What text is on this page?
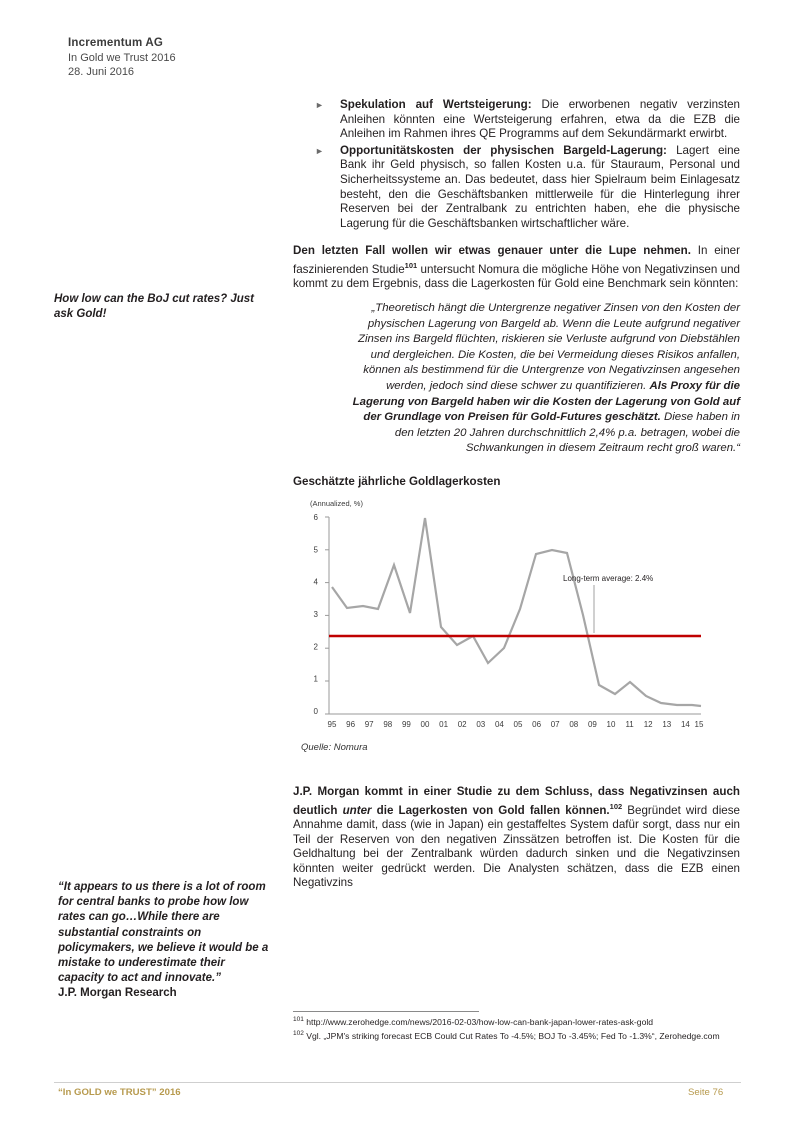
Incrementum AG
In Gold we Trust 2016
28. Juni 2016
How low can the BoJ cut rates? Just ask Gold!
“It appears to us there is a lot of room for central banks to probe how low rates can go…While there are substantial constraints on policymakers, we believe it would be a mistake to underestimate their capacity to act and innovate.”
J.P. Morgan Research
► Spekulation auf Wertsteigerung: Die erworbenen negativ verzinsten Anleihen könnten eine Wertsteigerung erfahren, etwa da die EZB die Anleihen im Rahmen ihres QE Programms auf dem Sekundärmarkt erwirbt.
► Opportunitätskosten der physischen Bargeld-Lagerung: Lagert eine Bank ihr Geld physisch, so fallen Kosten u.a. für Stauraum, Personal und Sicherheitssysteme an. Das bedeutet, dass hier Spielraum beim Einlagesatz besteht, den die Geschäftsbanken mittlerweile für die Hinterlegung ihrer Reserven bei der Zentralbank zu entrichten haben, ehe die physische Lagerung für die Geschäftsbanken wirtschaftlicher wäre.
Den letzten Fall wollen wir etwas genauer unter die Lupe nehmen. In einer faszinierenden Studie$^{101}$ untersucht Nomura die mögliche Höhe von Negativzinsen und kommt zu dem Ergebnis, dass die Lagerkosten für Gold eine Benchmark sein könnten:
„Theoretisch hängt die Untergrenze negativer Zinsen von den Kosten der physischen Lagerung von Bargeld ab. Wenn die Leute aufgrund negativer Zinsen ins Bargeld flüchten, riskieren sie Verluste aufgrund von Diebstählen und dergleichen. Die Kosten, die bei Vermeidung dieses Risikos anfallen, können als bestimmend für die Untergrenze von Negativzinsen angesehen werden, jedoch sind diese schwer zu quantifizieren. Als Proxy für die Lagerung von Bargeld haben wir die Kosten der Lagerung von Gold auf der Grundlage von Preisen für Gold-Futures geschätzt. Diese haben in den letzten 20 Jahren durchschnittlich 2,4% p.a. betragen, wobei die Schwankungen in diesem Zeitraum recht groß waren.“
Geschätzte jährliche Goldlagerkosten
(Annualized, %)
6
5
4
3
2
1
0
95 96 97 98 99 00 01 02 03 04 05 06 07 08 09 10 11 12 13 14 15
Long-term average: 2.4%
Quelle: Nomura
J.P. Morgan kommt in einer Studie zu dem Schluss, dass Negativzinsen auch deutlich unter die Lagerkosten von Gold fallen können.$^{102}$ Begründet wird diese Annahme damit, dass (wie in Japan) ein gestaffeltes System dafür sorgt, dass nur ein Teil der Reserven von den negativen Zinssätzen betroffen ist. Die Kosten für die Geldhaltung bei der Zentralbank würden dadurch sinken und die Negativzinsen könnten weiter gedrückt werden. Die Analysten schätzen, dass die EZB einen Negativzins
$^{101}$ http://www.zerohedge.com/news/2016-02-03/how-low-can-bank-japan-lower-rates-ask-gold
$^{102}$ Vgl. „JPM's striking forecast ECB Could Cut Rates To -4.5%; BOJ To -3.45%; Fed To -1.3%“, Zerohedge.com
“In GOLD we TRUST” 2016	Seite 76
